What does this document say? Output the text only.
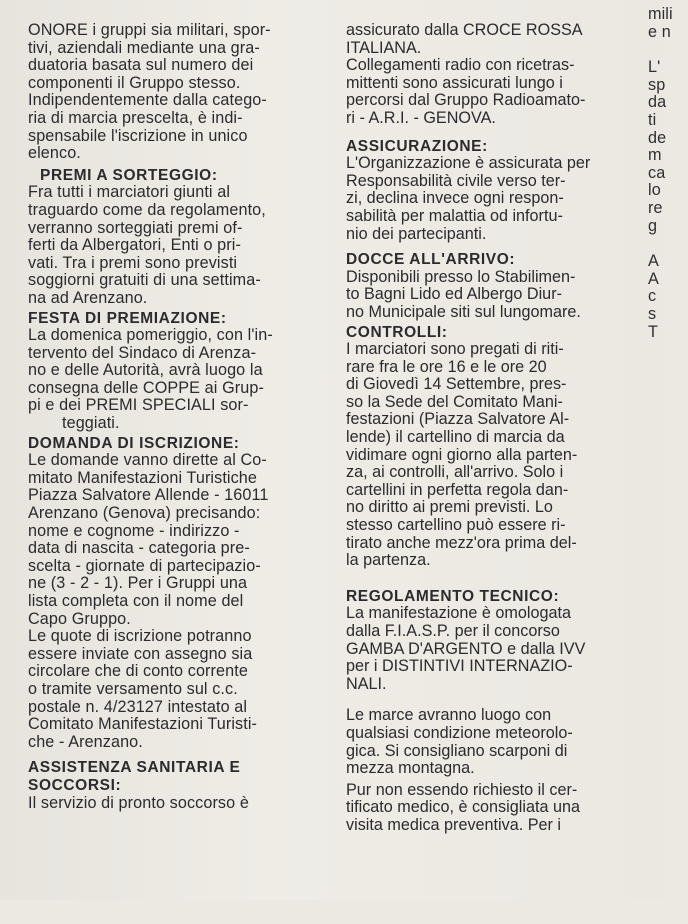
ONORE i gruppi sia militari, spor-
tivi, aziendali mediante una gra-
duatoria basata sul numero dei
componenti il Gruppo stesso.
Indipendentemente dalla catego-
ria di marcia prescelta, è indi-
spensabile l'iscrizione in unico
elenco.
PREMI A SORTEGGIO:
Fra tutti i marciatori giunti al
traguardo come da regolamento,
verranno sorteggiati premi of-
ferti da Albergatori, Enti o pri-
vati. Tra i premi sono previsti
soggiorni gratuiti di una settima-
na ad Arenzano.
FESTA DI PREMIAZIONE:
La domenica pomeriggio, con l'in-
tervento del Sindaco di Arenza-
no e delle Autorità, avrà luogo la
consegna delle COPPE ai Grup-
pi e dei PREMI SPECIALI sor-
teggiati.
DOMANDA DI ISCRIZIONE:
Le domande vanno dirette al Co-
mitato Manifestazioni Turistiche
Piazza Salvatore Allende - 16011
Arenzano (Genova) precisando:
nome e cognome - indirizzo -
data di nascita - categoria pre-
scelta - giornate di partecipazio-
ne (3 - 2 - 1). Per i Gruppi una
lista completa con il nome del
Capo Gruppo.
Le quote di iscrizione potranno
essere inviate con assegno sia
circolare che di conto corrente
o tramite versamento sul c.c.
postale n. 4/23127 intestato al
Comitato Manifestazioni Turisti-
che - Arenzano.
ASSISTENZA SANITARIA E
SOCCORSI:
Il servizio di pronto soccorso è
assicurato dalla CROCE ROSSA
ITALIANA.
Collegamenti radio con ricetras-
mittenti sono assicurati lungo i
percorsi dal Gruppo Radioamato-
ri - A.R.I. - GENOVA.
ASSICURAZIONE:
L'Organizzazione è assicurata per
Responsabilità civile verso ter-
zi, declina invece ogni respon-
sabilità per malattia od infortu-
nio dei partecipanti.
DOCCE ALL'ARRIVO:
Disponibili presso lo Stabilimen-
to Bagni Lido ed Albergo Diur-
no Municipale siti sul lungomare.
CONTROLLI:
I marciatori sono pregati di riti-
rare fra le ore 16 e le ore 20
di Giovedì 14 Settembre, pres-
so la Sede del Comitato Mani-
festazioni (Piazza Salvatore Al-
lende) il cartellino di marcia da
vidimare ogni giorno alla parten-
za, ai controlli, all'arrivo. Solo i
cartellini in perfetta regola dan-
no diritto ai premi previsti. Lo
stesso cartellino può essere ri-
tirato anche mezz'ora prima del-
la partenza.
REGOLAMENTO TECNICO:
La manifestazione è omologata
dalla F.I.A.S.P. per il concorso
GAMBA D'ARGENTO e dalla IVV
per i DISTINTIVI INTERNAZIO-
NALI.
Le marce avranno luogo con
qualsiasi condizione meteorolo-
gica. Si consigliano scarponi di
mezza montagna.
Pur non essendo richiesto il cer-
tificato medico, è consigliata una
visita medica preventiva. Per i
mili
e n
L'
sp
da
ti
de
m
ca
lo
re
g
A
A
c
s
T
